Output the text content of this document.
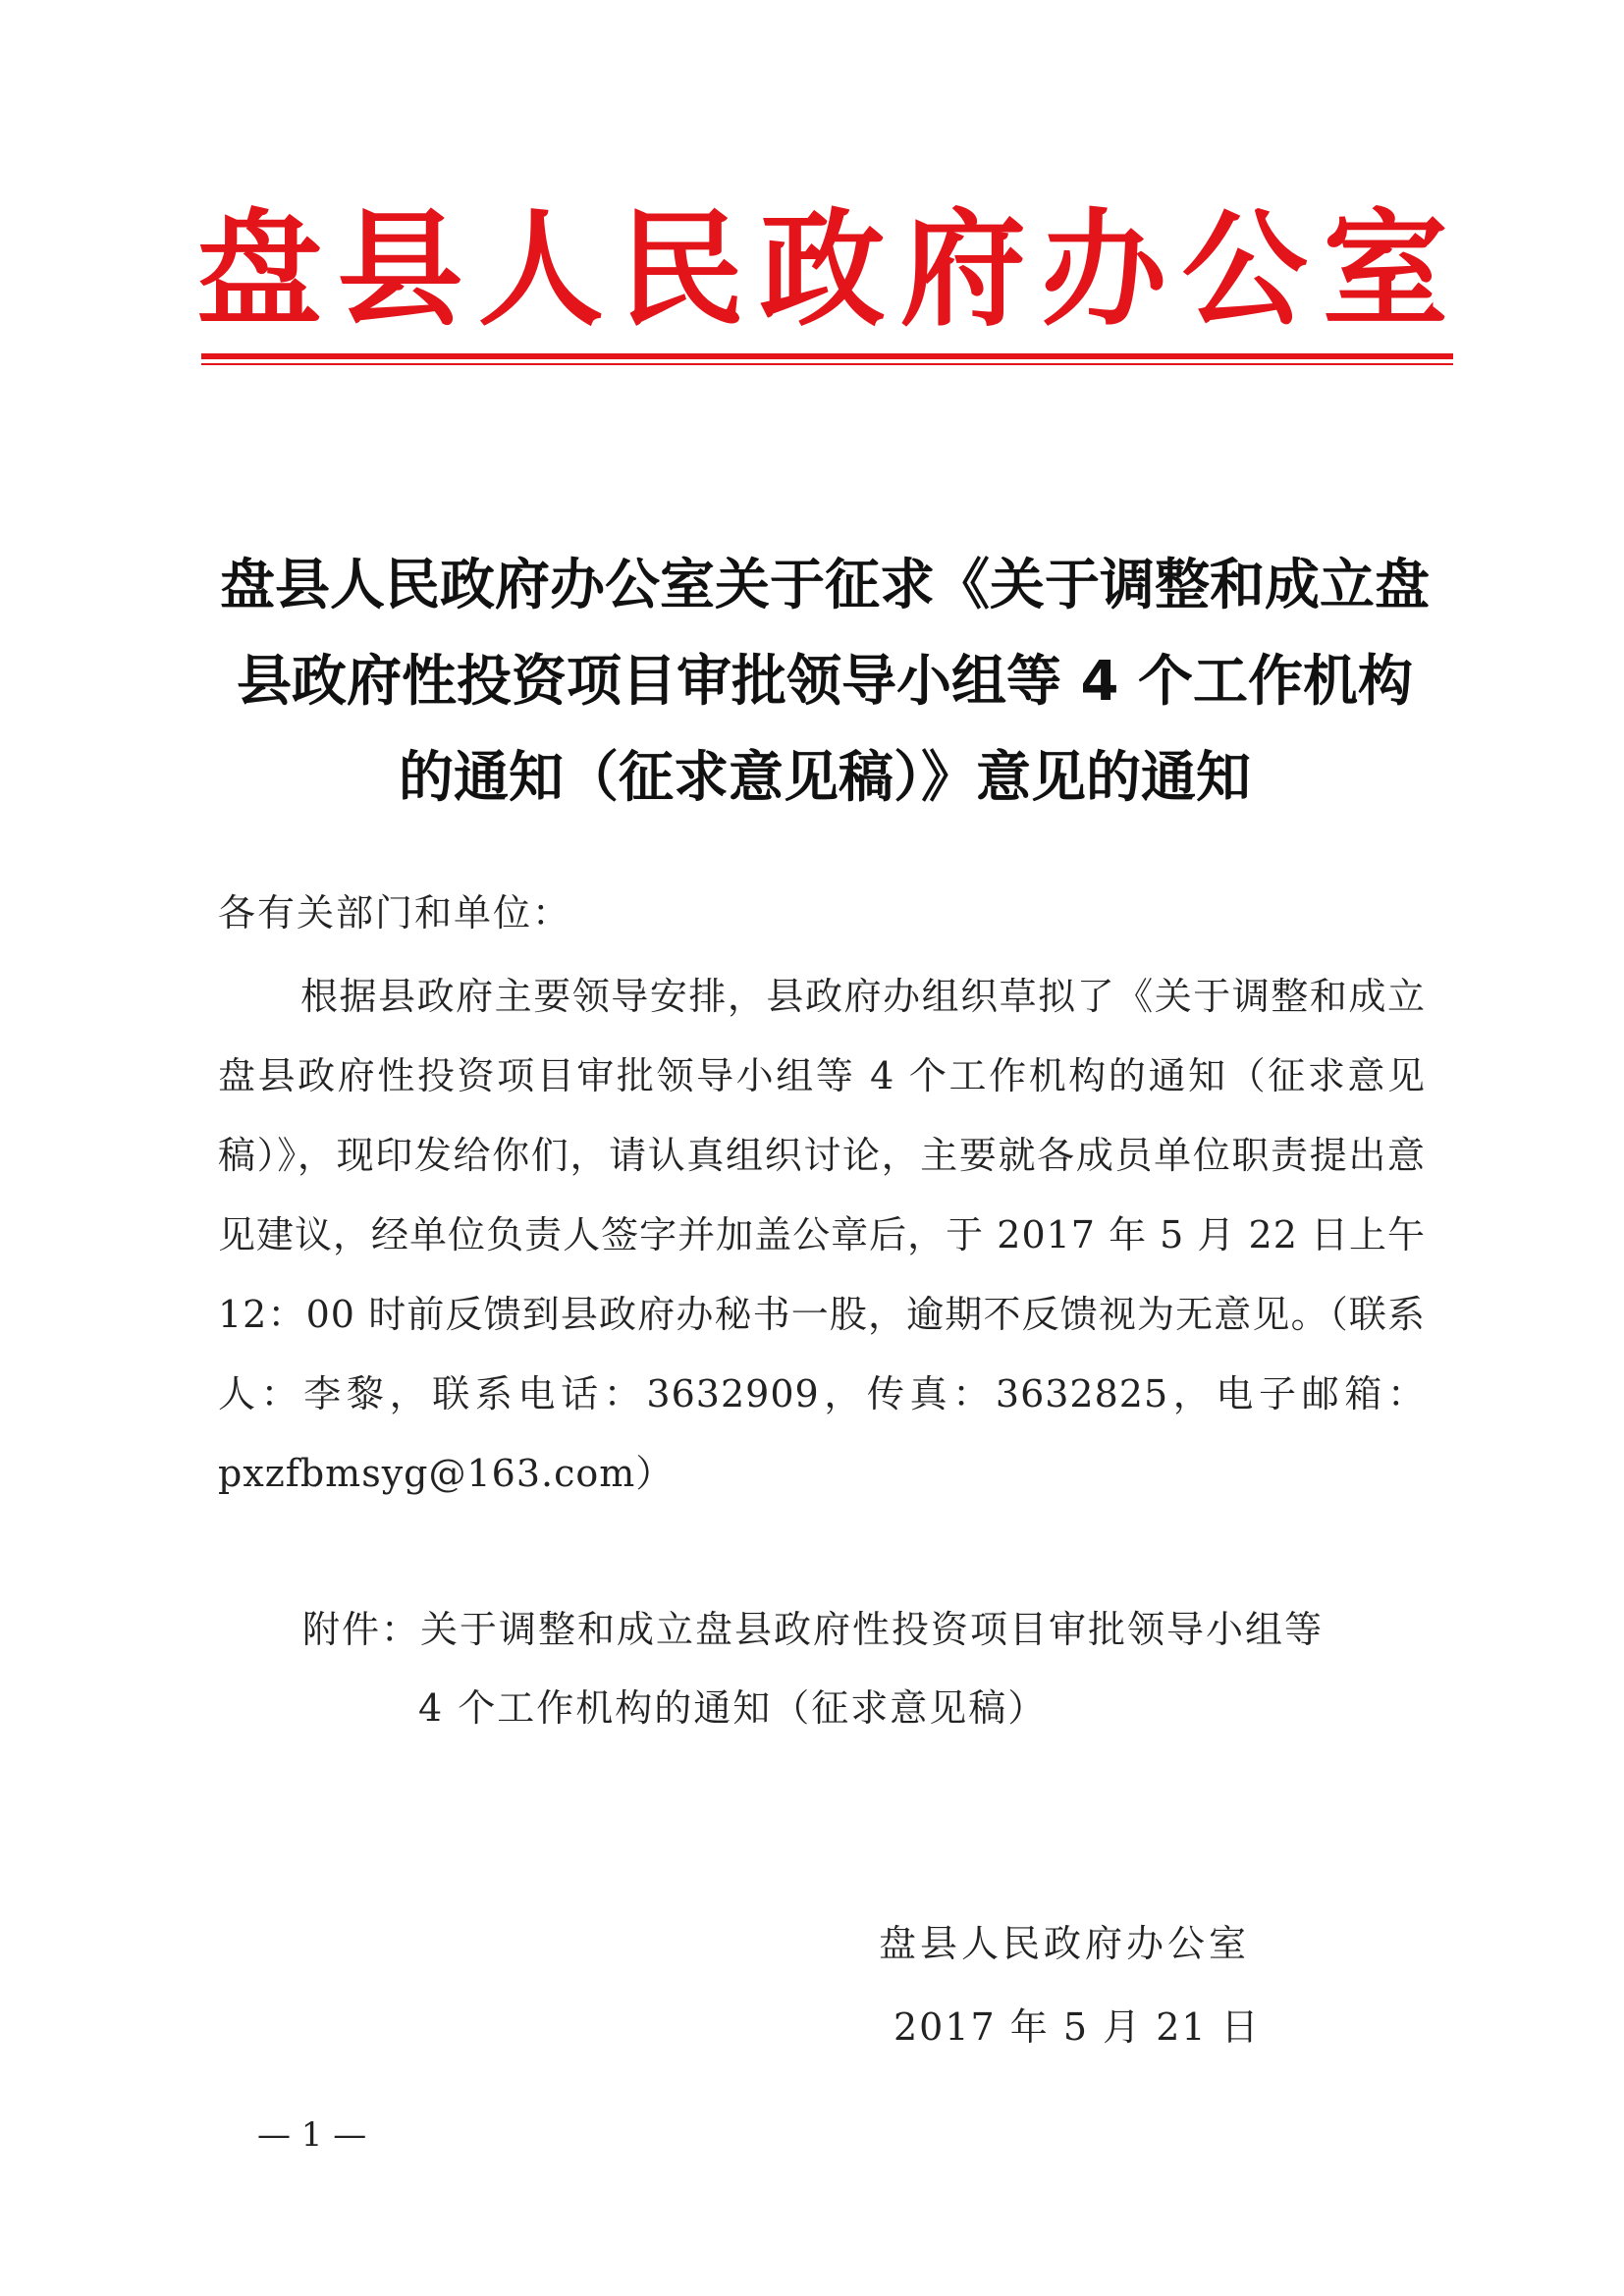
盘县人民政府办公室
盘县人民政府办公室关于征求《关于调整和成立盘县政府性投资项目审批领导小组等 4 个工作机构的通知（征求意见稿）》意见的通知

各有关部门和单位：

根据县政府主要领导安排，县政府办组织草拟了《关于调整和成立盘县政府性投资项目审批领导小组等 4 个工作机构的通知（征求意见稿）》，现印发给你们，请认真组织讨论，主要就各成员单位职责提出意见建议，经单位负责人签字并加盖公章后，于 2017 年 5 月 22 日上午 12：00 时前反馈到县政府办秘书一股，逾期不反馈视为无意见。（联系人：李黎，联系电话：3632909，传真：3632825，电子邮箱：pxzfbmsyg@163.com）

附件：关于调整和成立盘县政府性投资项目审批领导小组等
4 个工作机构的通知（征求意见稿）

盘县人民政府办公室

2017 年 5 月 21 日

— 1 —
